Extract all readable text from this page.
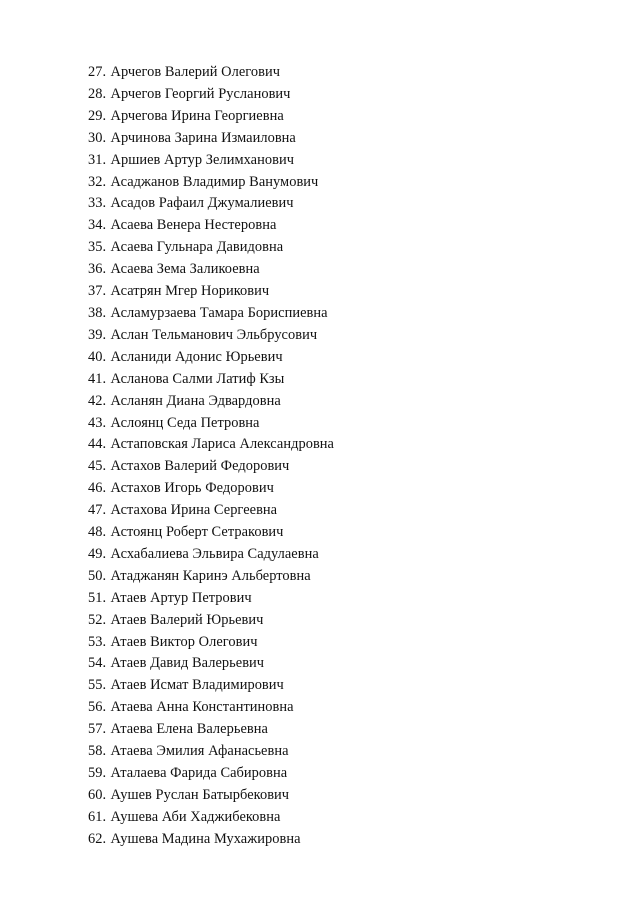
27. Арчегов Валерий Олегович
28. Арчегов Георгий Русланович
29. Арчегова Ирина Георгиевна
30. Арчинова Зарина Измаиловна
31. Аршиев Артур Зелимханович
32. Асаджанов Владимир Ванумович
33. Асадов Рафаил Джумалиевич
34. Асаева Венера Нестеровна
35. Асаева Гульнара Давидовна
36. Асаева Зема Заликоевна
37. Асатрян Мгер Норикович
38. Асламурзаева Тамара Бориспиевна
39. Аслан Тельманович Эльбрусович
40. Асланиди Адонис Юрьевич
41. Асланова Салми Латиф Кзы
42. Асланян Диана Эдвардовна
43. Аслоянц Седа Петровна
44. Астаповская Лариса Александровна
45. Астахов Валерий Федорович
46. Астахов Игорь Федорович
47. Астахова Ирина Сергеевна
48. Астоянц Роберт Сетракович
49. Асхабалиева Эльвира Садулаевна
50. Атаджанян Каринэ Альбертовна
51. Атаев Артур Петрович
52. Атаев Валерий Юрьевич
53. Атаев Виктор Олегович
54. Атаев Давид Валерьевич
55. Атаев Исмат Владимирович
56. Атаева Анна Константиновна
57. Атаева Елена Валерьевна
58. Атаева Эмилия Афанасьевна
59. Аталаева Фарида Сабировна
60. Аушев Руслан Батырбекович
61. Аушева Аби Хаджибековна
62. Аушева Мадина Мухажировна
